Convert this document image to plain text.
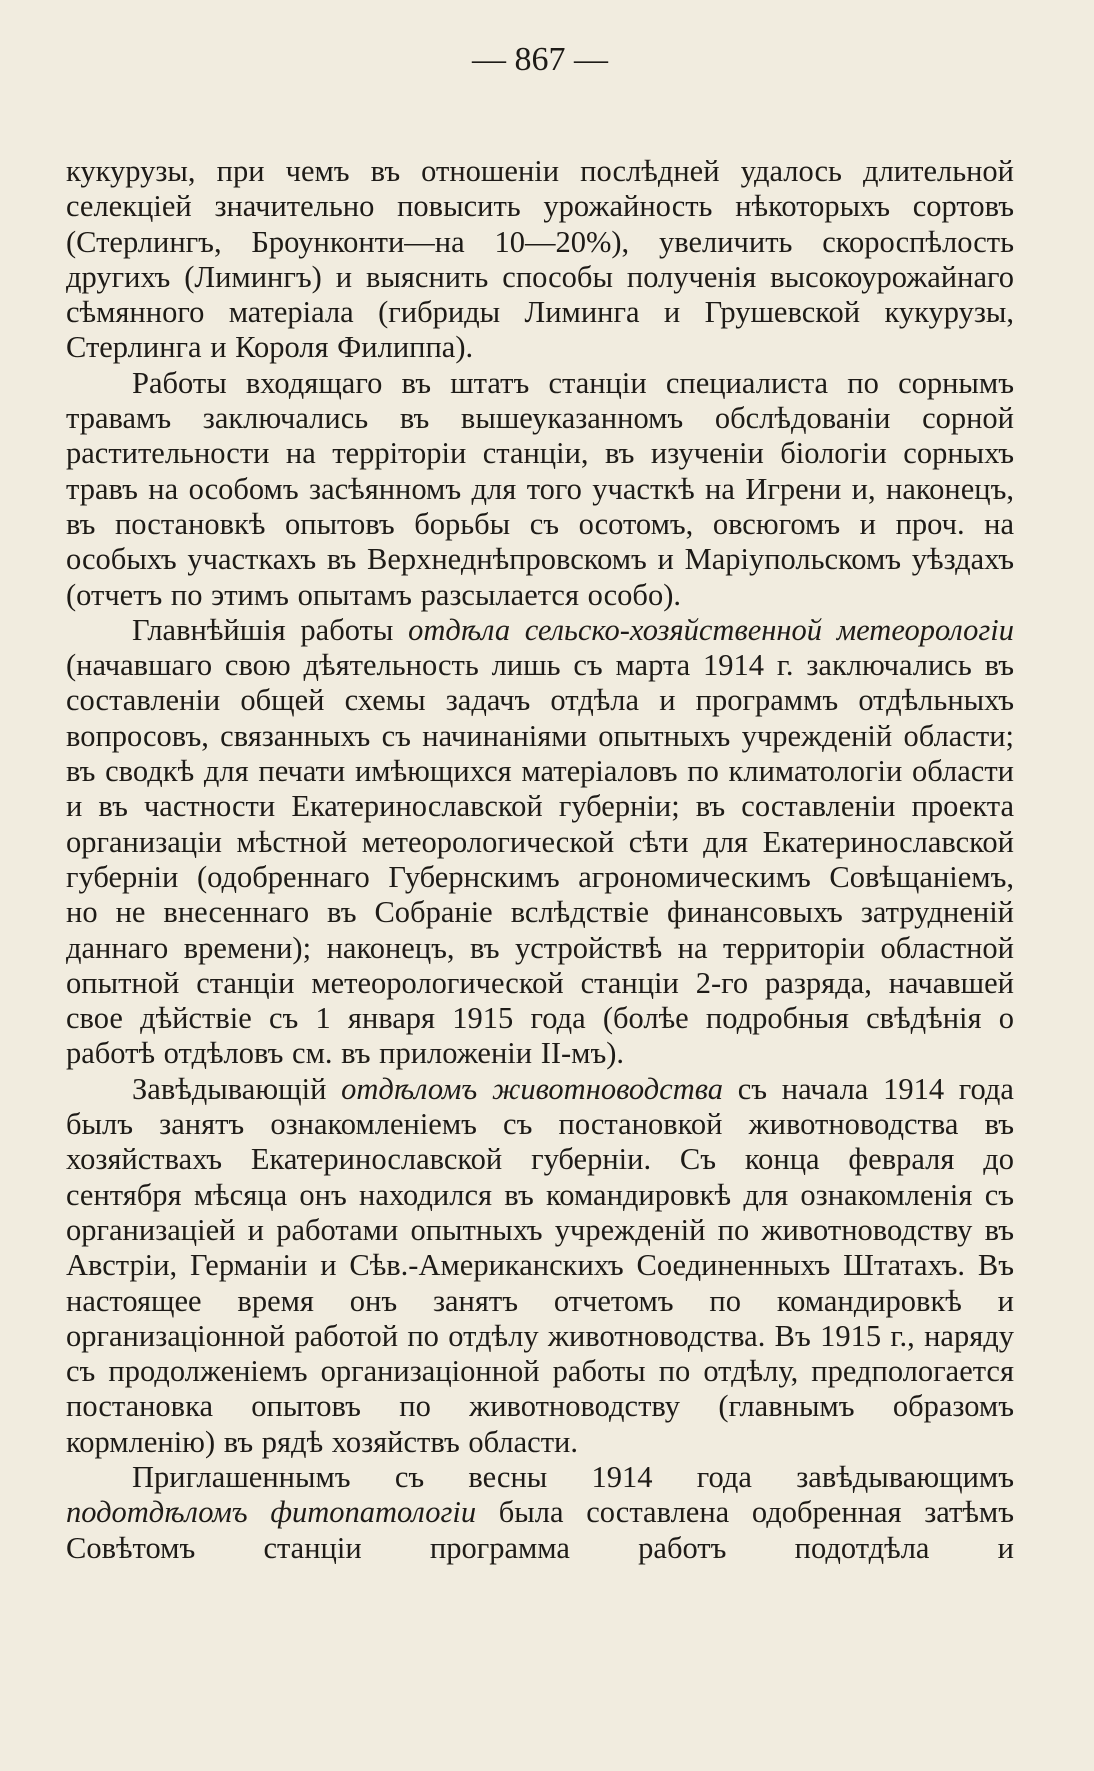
— 867 —

кукурузы, при чемъ въ отношенiи послѣдней удалось длительной селекцiей значительно повысить урожайность нѣкоторыхъ сортовъ (Стерлингъ, Броунконти—на 10—20%), увеличить скороспѣлость другихъ (Лимингъ) и выяснить способы полученiя высокоурожайнаго сѣмянного матерiала (гибриды Лиминга и Грушевской кукурузы, Стерлинга и Короля Филиппа).

Работы входящаго въ штатъ станцiи специалиста по сорнымъ травамъ заключались въ вышеуказанномъ обслѣдованiи сорной растительности на террiторiи станцiи, въ изученiи бiологiи сорныхъ травъ на особомъ засѣянномъ для того участкѣ на Игрени и, наконецъ, въ постановкѣ опытовъ борьбы съ осотомъ, овсюгомъ и проч. на особыхъ участкахъ въ Верхнеднѣпровскомъ и Марiупольскомъ уѣздахъ (отчетъ по этимъ опытамъ разсылается особо).

Главнѣйшiя работы отдѣла сельско-хозяйственной метеорологiи (начавшаго свою дѣятельность лишь съ марта 1914 г. заключались въ составленiи общей схемы задачъ отдѣла и программъ отдѣльныхъ вопросовъ, связанныхъ съ начинанiями опытныхъ учрежденiй области; въ сводкѣ для печати имѣющихся матерiаловъ по климатологiи области и въ частности Екатеринославской губернiи; въ составленiи проекта организацiи мѣстной метеорологической сѣти для Екатеринославской губернiи (одобреннаго Губернскимъ агрономическимъ Совѣщанiемъ, но не внесеннаго въ Собранiе вслѣдствiе финансовыхъ затрудненiй даннаго времени); наконецъ, въ устройствѣ на территорiи областной опытной станцiи метеорологической станцiи 2-го разряда, начавшей свое дѣйствiе съ 1 января 1915 года (болѣе подробныя свѣдѣнiя о работѣ отдѣловъ см. въ приложенiи II-мъ).

Завѣдывающiй отдѣломъ животноводства съ начала 1914 года былъ занятъ ознакомленiемъ съ постановкой животноводства въ хозяйствахъ Екатеринославской губернiи. Съ конца февраля до сентября мѣсяца онъ находился въ командировкѣ для ознакомленiя съ организацiей и работами опытныхъ учрежденiй по животноводству въ Австрiи, Германiи и Сѣв.-Американскихъ Соединенныхъ Штатахъ. Въ настоящее время онъ занятъ отчетомъ по командировкѣ и организацiонной работой по отдѣлу животноводства. Въ 1915 г., наряду съ продолженiемъ организацiонной работы по отдѣлу, предпологается постановка опытовъ по животноводству (главнымъ образомъ кормленiю) въ рядѣ хозяйствъ области.

Приглашеннымъ съ весны 1914 года завѣдывающимъ подотдѣломъ фитопатологiи была составлена одобренная затѣмъ Совѣтомъ станцiи программа работъ подотдѣла и
